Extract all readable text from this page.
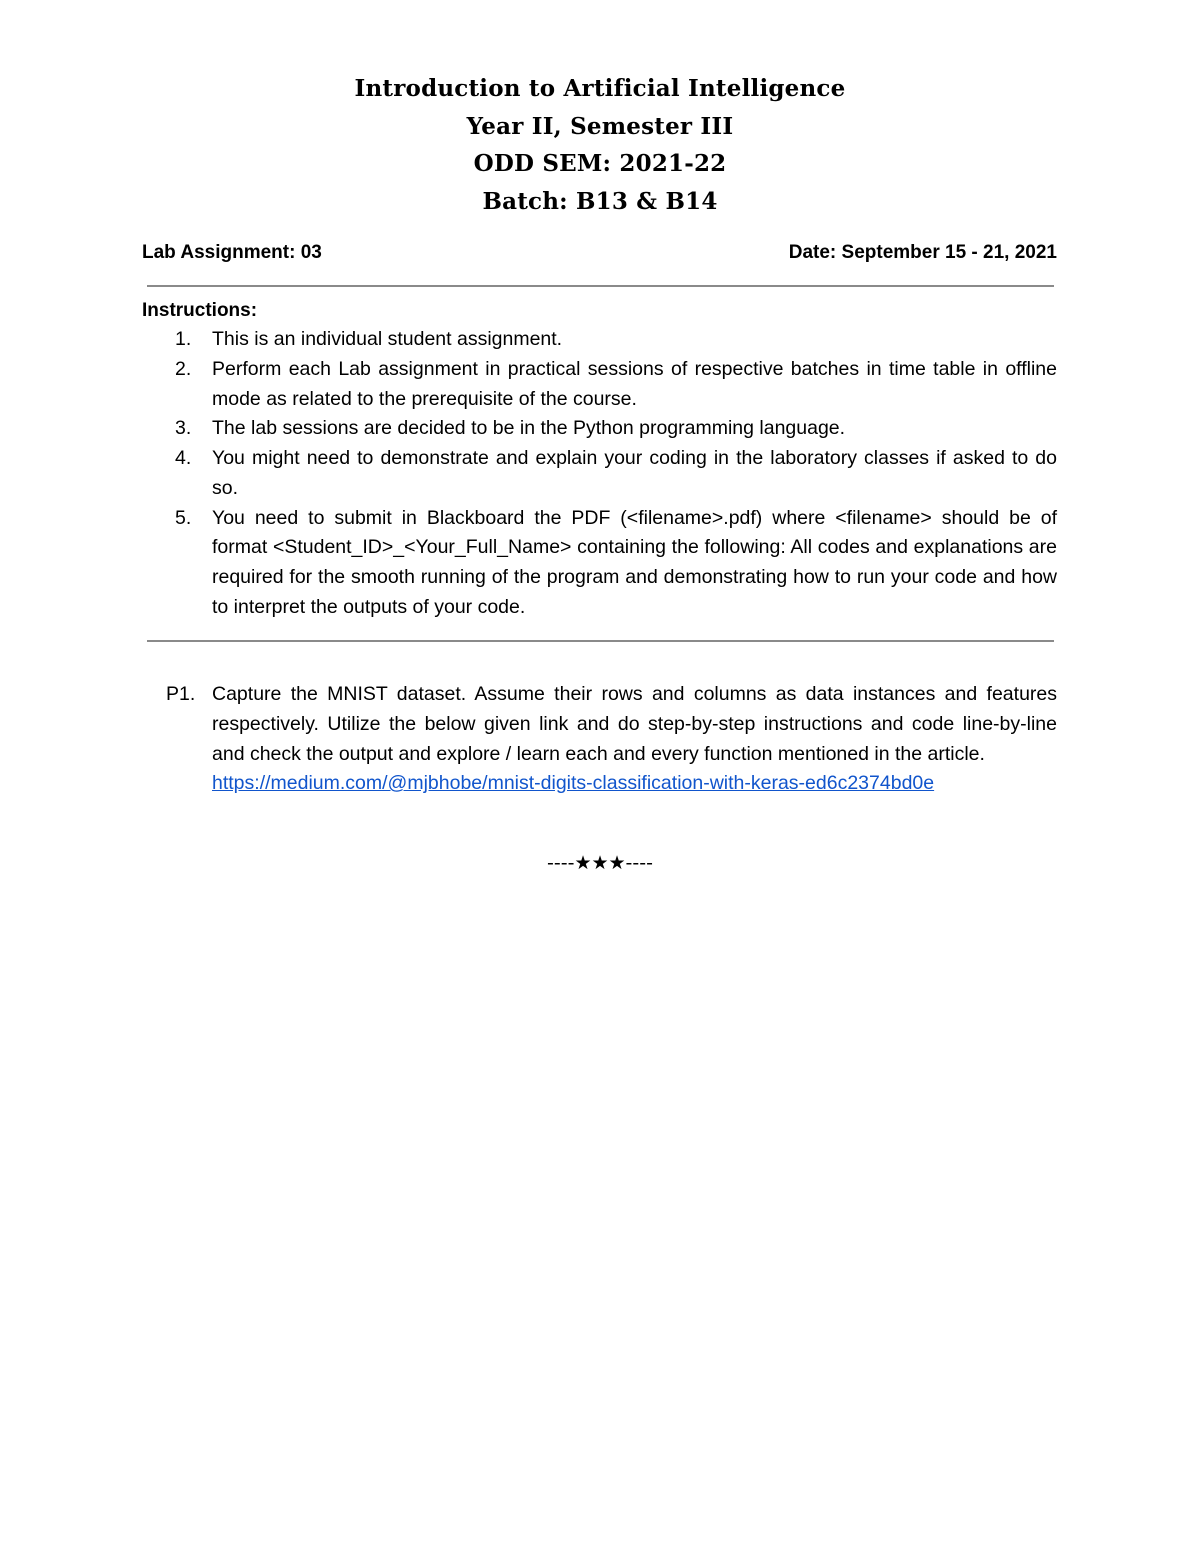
Introduction to Artificial Intelligence
Year II, Semester III
ODD SEM: 2021-22
Batch: B13 & B14
Lab Assignment: 03	Date: September 15 - 21, 2021
Instructions:
1. This is an individual student assignment.
2. Perform each Lab assignment in practical sessions of respective batches in time table in offline mode as related to the prerequisite of the course.
3. The lab sessions are decided to be in the Python programming language.
4. You might need to demonstrate and explain your coding in the laboratory classes if asked to do so.
5. You need to submit in Blackboard the PDF (<filename>.pdf) where <filename> should be of format <Student_ID>_<Your_Full_Name> containing the following: All codes and explanations are required for the smooth running of the program and demonstrating how to run your code and how to interpret the outputs of your code.
P1. Capture the MNIST dataset. Assume their rows and columns as data instances and features respectively. Utilize the below given link and do step-by-step instructions and code line-by-line and check the output and explore / learn each and every function mentioned in the article.
https://medium.com/@mjbhobe/mnist-digits-classification-with-keras-ed6c2374bd0e
----★★★----
